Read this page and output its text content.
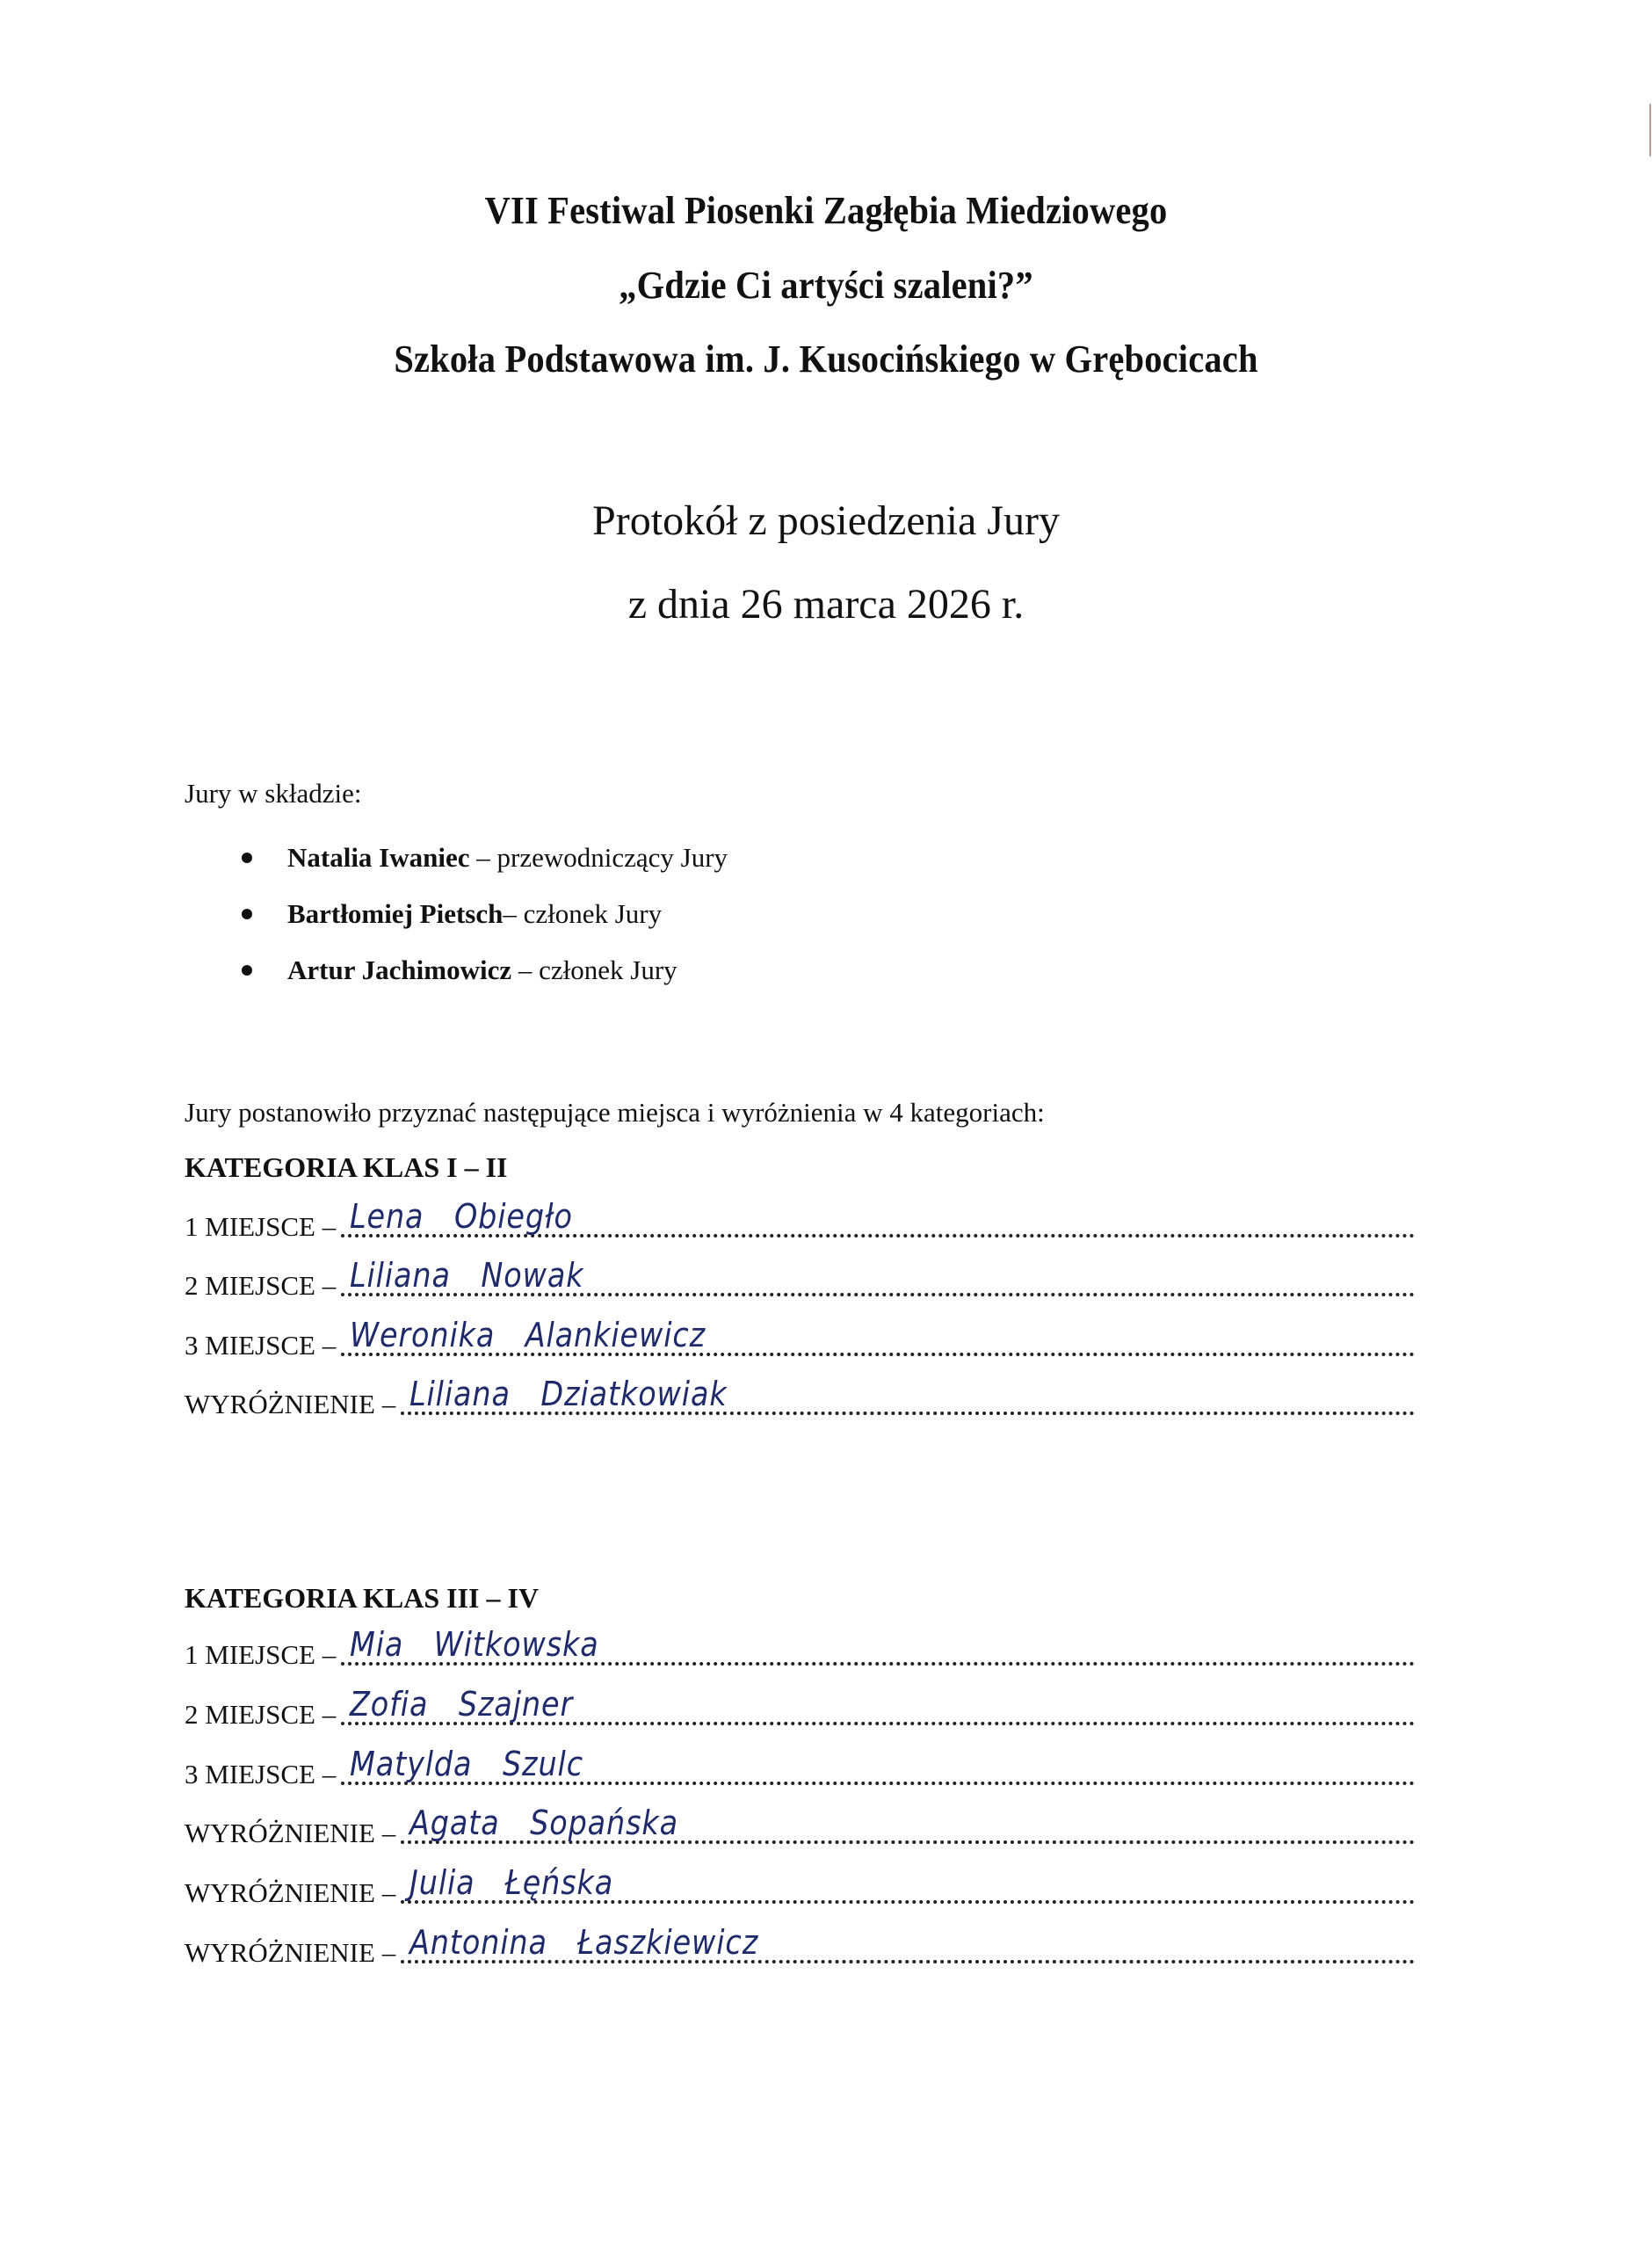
VII Festiwal Piosenki Zagłębia Miedziowego
„Gdzie Ci artyści szaleni?”
Szkoła Podstawowa im. J. Kusocińskiego w Grębocicach
Protokół z posiedzenia Jury
z dnia 26 marca 2026 r.
Jury w składzie:
Natalia Iwaniec – przewodniczący Jury
Bartłomiej Pietsch– członek Jury
Artur Jachimowicz – członek Jury
Jury postanowiło przyznać następujące miejsca i wyróżnienia w 4 kategoriach:
KATEGORIA KLAS I – II
1 MIEJSCE – Lena   Obiegło
2 MIEJSCE – Liliana   Nowak
3 MIEJSCE – Weronika   Alankiewicz
WYRÓŻNIENIE – Liliana   Dziatkowiak
KATEGORIA KLAS III – IV
1 MIEJSCE – Mia   Witkowska
2 MIEJSCE – Zofia   Szajner
3 MIEJSCE – Matylda   Szulc
WYRÓŻNIENIE – Agata   Sopańska
WYRÓŻNIENIE – Julia   Łęńska
WYRÓŻNIENIE – Antonina   Łaszkiewicz
